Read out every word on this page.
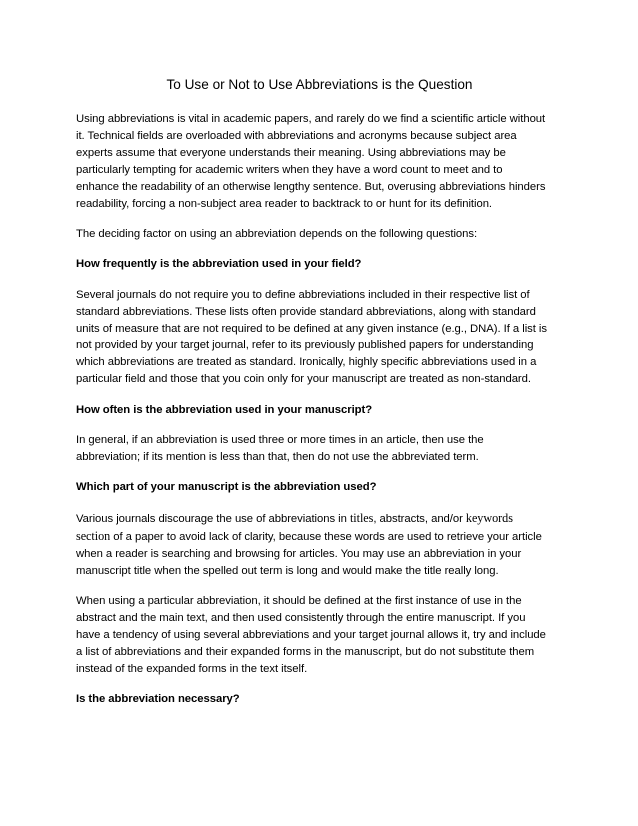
To Use or Not to Use Abbreviations is the Question

Using abbreviations is vital in academic papers, and rarely do we find a scientific article without
it. Technical fields are overloaded with abbreviations and acronyms because subject area
experts assume that everyone understands their meaning. Using abbreviations may be
particularly tempting for academic writers when they have a word count to meet and to
enhance the readability of an otherwise lengthy sentence. But, overusing abbreviations hinders
readability, forcing a non-subject area reader to backtrack to or hunt for its definition.

The deciding factor on using an abbreviation depends on the following questions:

How frequently is the abbreviation used in your field?

Several journals do not require you to define abbreviations included in their respective list of
standard abbreviations. These lists often provide standard abbreviations, along with standard
units of measure that are not required to be defined at any given instance (e.g., DNA). If a list is
not provided by your target journal, refer to its previously published papers for understanding
which abbreviations are treated as standard. Ironically, highly specific abbreviations used in a
particular field and those that you coin only for your manuscript are treated as non-standard.

How often is the abbreviation used in your manuscript?

In general, if an abbreviation is used three or more times in an article, then use the
abbreviation; if its mention is less than that, then do not use the abbreviated term.

Which part of your manuscript is the abbreviation used?

Various journals discourage the use of abbreviations in titles, abstracts, and/or keywords
section of a paper to avoid lack of clarity, because these words are used to retrieve your article
when a reader is searching and browsing for articles. You may use an abbreviation in your
manuscript title when the spelled out term is long and would make the title really long.

When using a particular abbreviation, it should be defined at the first instance of use in the
abstract and the main text, and then used consistently through the entire manuscript. If you
have a tendency of using several abbreviations and your target journal allows it, try and include
a list of abbreviations and their expanded forms in the manuscript, but do not substitute them
instead of the expanded forms in the text itself.

Is the abbreviation necessary?
